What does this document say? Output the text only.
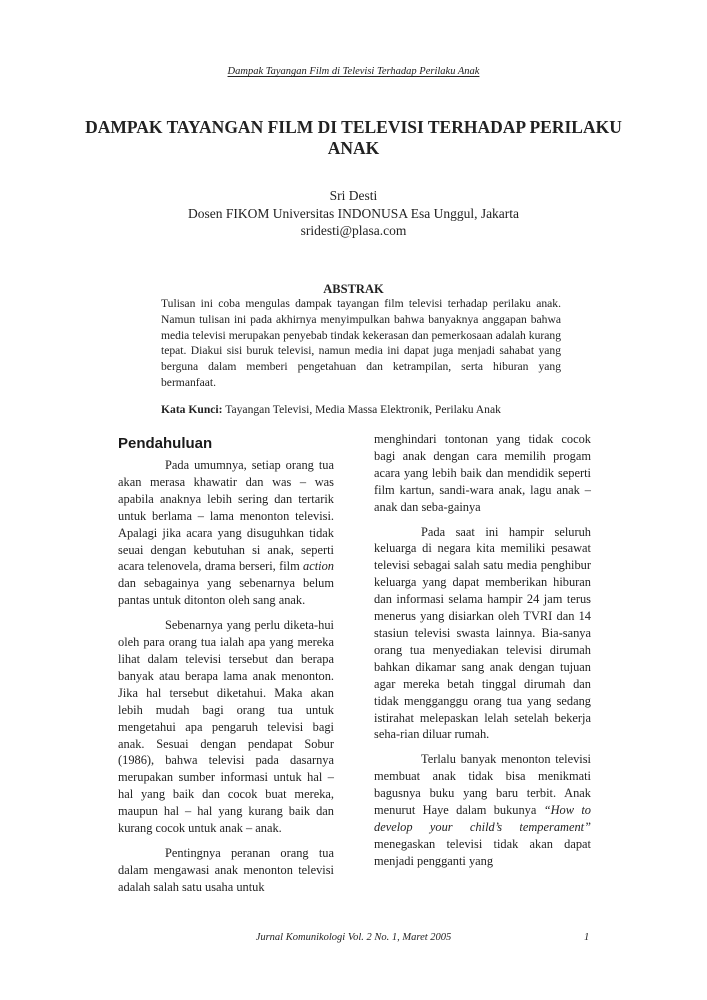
Dampak Tayangan Film di Televisi Terhadap Perilaku Anak
DAMPAK TAYANGAN FILM DI TELEVISI TERHADAP PERILAKU ANAK
Sri Desti
Dosen FIKOM Universitas INDONUSA Esa Unggul, Jakarta
sridesti@plasa.com
ABSTRAK

Tulisan ini coba mengulas dampak tayangan film televisi terhadap perilaku anak. Namun tulisan ini pada akhirnya menyimpulkan bahwa banyaknya anggapan bahwa media televisi merupakan penyebab tindak kekerasan dan pemerkosaan adalah kurang tepat. Diakui sisi buruk televisi, namun media ini dapat juga menjadi sahabat yang berguna dalam memberi pengetahuan dan ketrampilan, serta hiburan yang bermanfaat.

Kata Kunci: Tayangan Televisi, Media Massa Elektronik, Perilaku Anak

Pendahuluan

Pada umumnya, setiap orang tua akan merasa khawatir dan was – was apabila anaknya lebih sering dan tertarik untuk berlama – lama menonton televisi. Apalagi jika acara yang disuguhkan tidak seuai dengan kebutuhan si anak, seperti acara telenovela, drama berseri, film action dan sebagainya yang sebenarnya belum pantas untuk ditonton oleh sang anak.

Sebenarnya yang perlu diketa-hui oleh para orang tua ialah apa yang mereka lihat dalam televisi tersebut dan berapa banyak atau berapa lama anak menonton. Jika hal tersebut diketahui. Maka akan lebih mudah bagi orang tua untuk mengetahui apa pengaruh televisi bagi anak. Sesuai dengan pendapat Sobur (1986), bahwa televisi pada dasarnya merupakan sumber informasi untuk hal – hal yang baik dan cocok buat mereka, maupun hal – hal yang kurang baik dan kurang cocok untuk anak – anak.

Pentingnya peranan orang tua dalam mengawasi anak menonton televisi adalah salah satu usaha untuk

menghindari tontonan yang tidak cocok bagi anak dengan cara memilih progam acara yang lebih baik dan mendidik seperti film kartun, sandi-wara anak, lagu anak – anak dan seba-gainya

Pada saat ini hampir seluruh keluarga di negara kita memiliki pesawat televisi sebagai salah satu media penghibur keluarga yang dapat memberikan hiburan dan informasi selama hampir 24 jam terus menerus yang disiarkan oleh TVRI dan 14 stasiun televisi swasta lainnya. Bia-sanya orang tua menyediakan televisi dirumah bahkan dikamar sang anak dengan tujuan agar mereka betah tinggal dirumah dan tidak mengganggu orang tua yang sedang istirahat melepaskan lelah setelah bekerja seha-rian diluar rumah.

Terlalu banyak menonton televisi membuat anak tidak bisa menikmati bagusnya buku yang baru terbit. Anak menurut Haye dalam bukunya “How to develop your child’s temperament” menegaskan televisi tidak akan dapat menjadi pengganti yang

Jurnal Komunikologi Vol. 2 No. 1, Maret 2005	1
